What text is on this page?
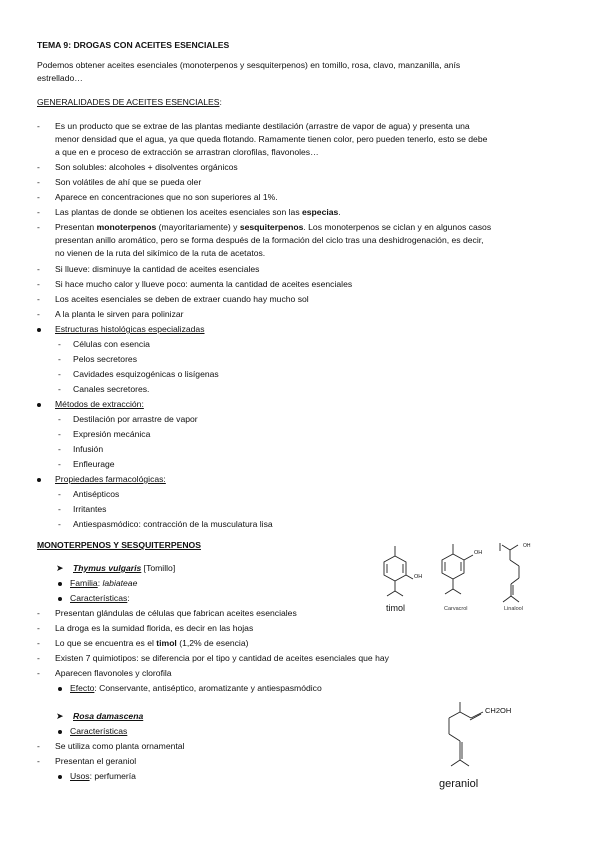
TEMA 9: DROGAS CON ACEITES ESENCIALES
Podemos obtener aceites esenciales (monoterpenos y sesquiterpenos) en tomillo, rosa, clavo, manzanilla, anís
estrellado…
GENERALIDADES DE ACEITES ESENCIALES:
- Es un producto que se extrae de las plantas mediante destilación (arrastre de vapor de agua) y presenta una
menor densidad que el agua, ya que queda flotando. Ramamente tienen color, pero pueden tenerlo, esto se debe
a que en e proceso de extracción se arrastran clorofilas, flavonoles…
- Son solubles: alcoholes + disolventes orgánicos
- Son volátiles de ahí que se pueda oler
- Aparece en concentraciones que no son superiores al 1%.
- Las plantas de donde se obtienen los aceites esenciales son las especias.
- Presentan monoterpenos (mayoritariamente) y sesquiterpenos. Los monoterpenos se ciclan y en algunos casos
presentan anillo aromático, pero se forma después de la formación del ciclo tras una deshidrogenación, es decir,
no vienen de la ruta del sikímico de la ruta de acetatos.
- Si llueve: disminuye la cantidad de aceites esenciales
- Si hace mucho calor y llueve poco: aumenta la cantidad de aceites esenciales
- Los aceites esenciales se deben de extraer cuando hay mucho sol
- A la planta le sirven para polinizar
Estructuras histológicas especializadas
- Células con esencia
- Pelos secretores
- Cavidades esquizogénicas o lisígenas
- Canales secretores.
Métodos de extracción:
- Destilación por arrastre de vapor
- Expresión mecánica
- Infusión
- Enfleurage
Propiedades farmacológicas:
- Antisépticos
- Irritantes
- Antiespasmódico: contracción de la musculatura lisa
MONOTERPENOS Y SESQUITERPENOS
➤ Thymus vulgaris [Tomillo]
Familia: labiateae
Características:
- Presentan glándulas de células que fabrican aceites esenciales
- La droga es la sumidad florida, es decir en las hojas
- Lo que se encuentra es el timol (1,2% de esencia)
- Existen 7 quimiotipos: se diferencia por el tipo y cantidad de aceites esenciales que hay
- Aparecen flavonoles y clorofila
Efecto: Conservante, antiséptico, aromatizante y antiespasmódico
➤ Rosa damascena
Características
- Se utiliza como planta ornamental
- Presentan el geraniol
Usos: perfumería
OH
timol
OH
Carvacrol
OH
Linalool
CH2OH
geraniol
